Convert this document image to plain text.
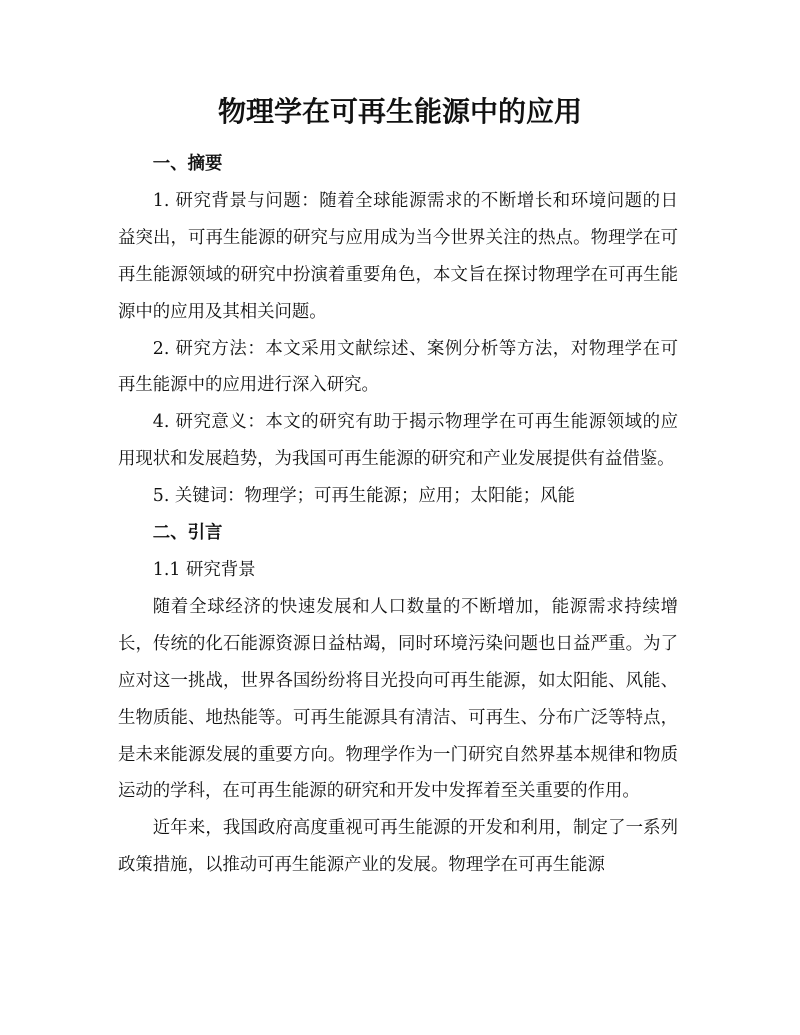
物理学在可再生能源中的应用
一、摘要

1. 研究背景与问题：随着全球能源需求的不断增长和环境问题的日益突出，可再生能源的研究与应用成为当今世界关注的热点。物理学在可再生能源领域的研究中扮演着重要角色，本文旨在探讨物理学在可再生能源中的应用及其相关问题。

2. 研究方法：本文采用文献综述、案例分析等方法，对物理学在可再生能源中的应用进行深入研究。

4. 研究意义：本文的研究有助于揭示物理学在可再生能源领域的应用现状和发展趋势，为我国可再生能源的研究和产业发展提供有益借鉴。

5. 关键词：物理学；可再生能源；应用；太阳能；风能

二、引言

1.1 研究背景

随着全球经济的快速发展和人口数量的不断增加，能源需求持续增长，传统的化石能源资源日益枯竭，同时环境污染问题也日益严重。为了应对这一挑战，世界各国纷纷将目光投向可再生能源，如太阳能、风能、生物质能、地热能等。可再生能源具有清洁、可再生、分布广泛等特点，是未来能源发展的重要方向。物理学作为一门研究自然界基本规律和物质运动的学科，在可再生能源的研究和开发中发挥着至关重要的作用。

近年来，我国政府高度重视可再生能源的开发和利用，制定了一系列政策措施，以推动可再生能源产业的发展。物理学在可再生能源
